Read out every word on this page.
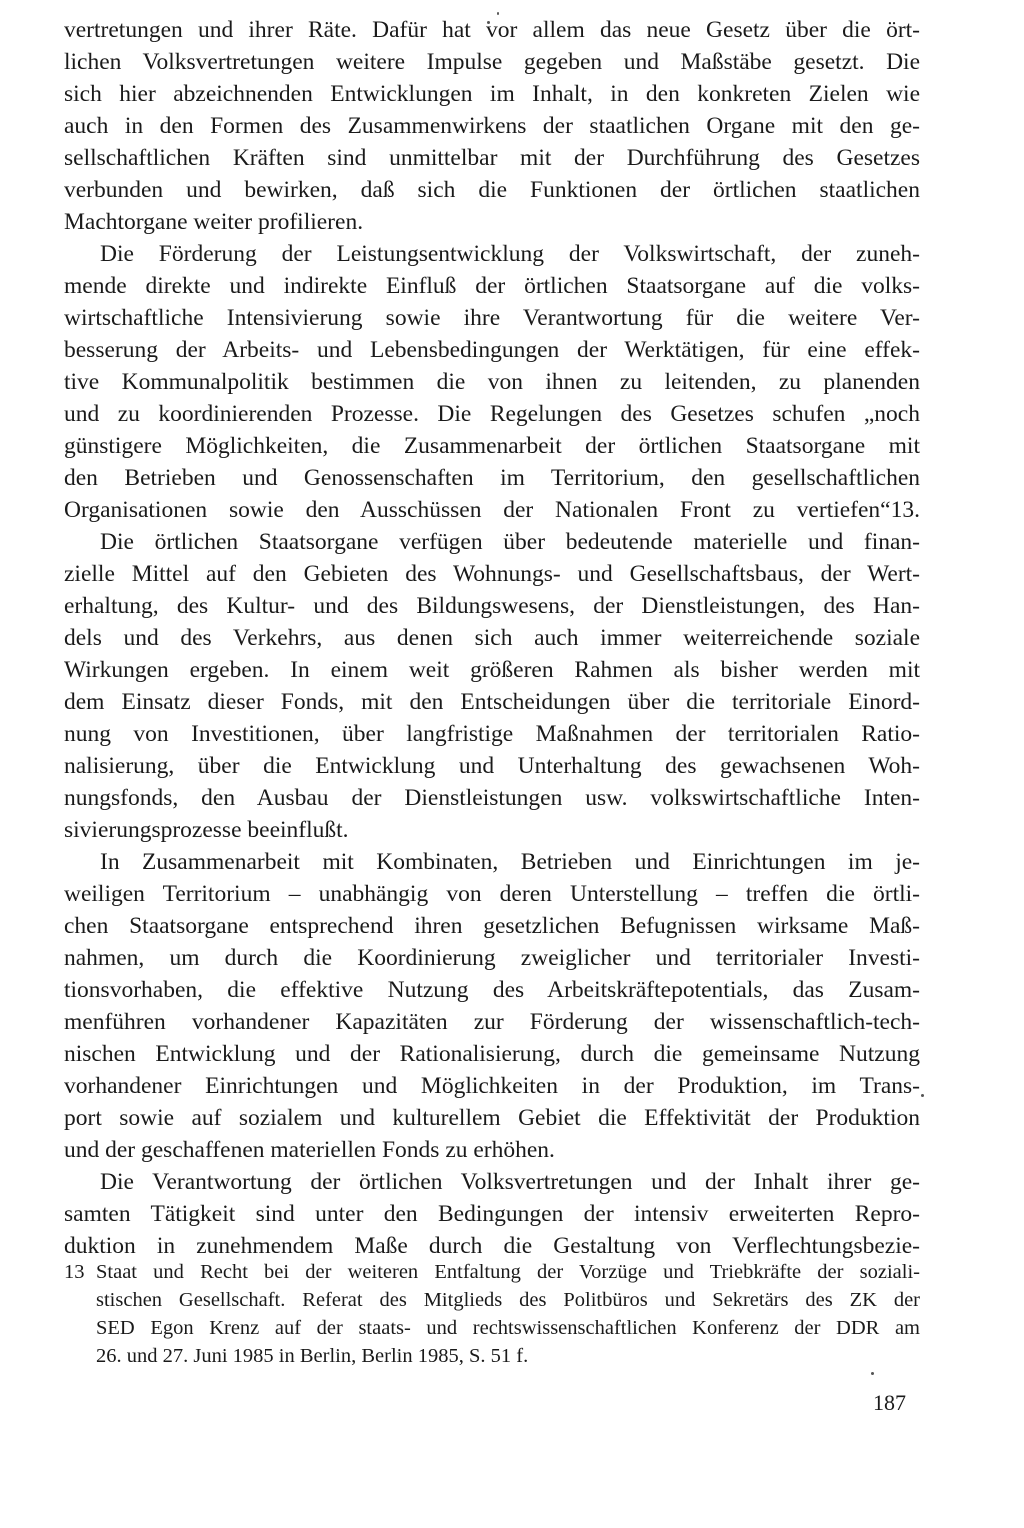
vertretungen und ihrer Räte. Dafür hat vor allem das neue Gesetz über die ört-
lichen Volksvertretungen weitere Impulse gegeben und Maßstäbe gesetzt. Die
sich hier abzeichnenden Entwicklungen im Inhalt, in den konkreten Zielen wie
auch in den Formen des Zusammenwirkens der staatlichen Organe mit den ge-
sellschaftlichen Kräften sind unmittelbar mit der Durchführung des Gesetzes
verbunden und bewirken, daß sich die Funktionen der örtlichen staatlichen
Machtorgane weiter profilieren.
Die Förderung der Leistungsentwicklung der Volkswirtschaft, der zuneh-
mende direkte und indirekte Einfluß der örtlichen Staatsorgane auf die volks-
wirtschaftliche Intensivierung sowie ihre Verantwortung für die weitere Ver-
besserung der Arbeits- und Lebensbedingungen der Werktätigen, für eine effek-
tive Kommunalpolitik bestimmen die von ihnen zu leitenden, zu planenden
und zu koordinierenden Prozesse. Die Regelungen des Gesetzes schufen „noch
günstigere Möglichkeiten, die Zusammenarbeit der örtlichen Staatsorgane mit
den Betrieben und Genossenschaften im Territorium, den gesellschaftlichen
Organisationen sowie den Ausschüssen der Nationalen Front zu vertiefen“13.
Die örtlichen Staatsorgane verfügen über bedeutende materielle und finan-
zielle Mittel auf den Gebieten des Wohnungs- und Gesellschaftsbaus, der Wert-
erhaltung, des Kultur- und des Bildungswesens, der Dienstleistungen, des Han-
dels und des Verkehrs, aus denen sich auch immer weiterreichende soziale
Wirkungen ergeben. In einem weit größeren Rahmen als bisher werden mit
dem Einsatz dieser Fonds, mit den Entscheidungen über die territoriale Einord-
nung von Investitionen, über langfristige Maßnahmen der territorialen Ratio-
nalisierung, über die Entwicklung und Unterhaltung des gewachsenen Woh-
nungsfonds, den Ausbau der Dienstleistungen usw. volkswirtschaftliche Inten-
sivierungsprozesse beeinflußt.
In Zusammenarbeit mit Kombinaten, Betrieben und Einrichtungen im je-
weiligen Territorium – unabhängig von deren Unterstellung – treffen die örtli-
chen Staatsorgane entsprechend ihren gesetzlichen Befugnissen wirksame Maß-
nahmen, um durch die Koordinierung zweiglicher und territorialer Investi-
tionsvorhaben, die effektive Nutzung des Arbeitskräftepotentials, das Zusam-
menführen vorhandener Kapazitäten zur Förderung der wissenschaftlich-tech-
nischen Entwicklung und der Rationalisierung, durch die gemeinsame Nutzung
vorhandener Einrichtungen und Möglichkeiten in der Produktion, im Trans-
port sowie auf sozialem und kulturellem Gebiet die Effektivität der Produktion
und der geschaffenen materiellen Fonds zu erhöhen.
Die Verantwortung der örtlichen Volksvertretungen und der Inhalt ihrer ge-
samten Tätigkeit sind unter den Bedingungen der intensiv erweiterten Repro-
duktion in zunehmendem Maße durch die Gestaltung von Verflechtungsbezie-
13 Staat und Recht bei der weiteren Entfaltung der Vorzüge und Triebkräfte der soziali-
stischen Gesellschaft. Referat des Mitglieds des Politbüros und Sekretärs des ZK der
SED Egon Krenz auf der staats- und rechtswissenschaftlichen Konferenz der DDR am
26. und 27. Juni 1985 in Berlin, Berlin 1985, S. 51 f.
187
